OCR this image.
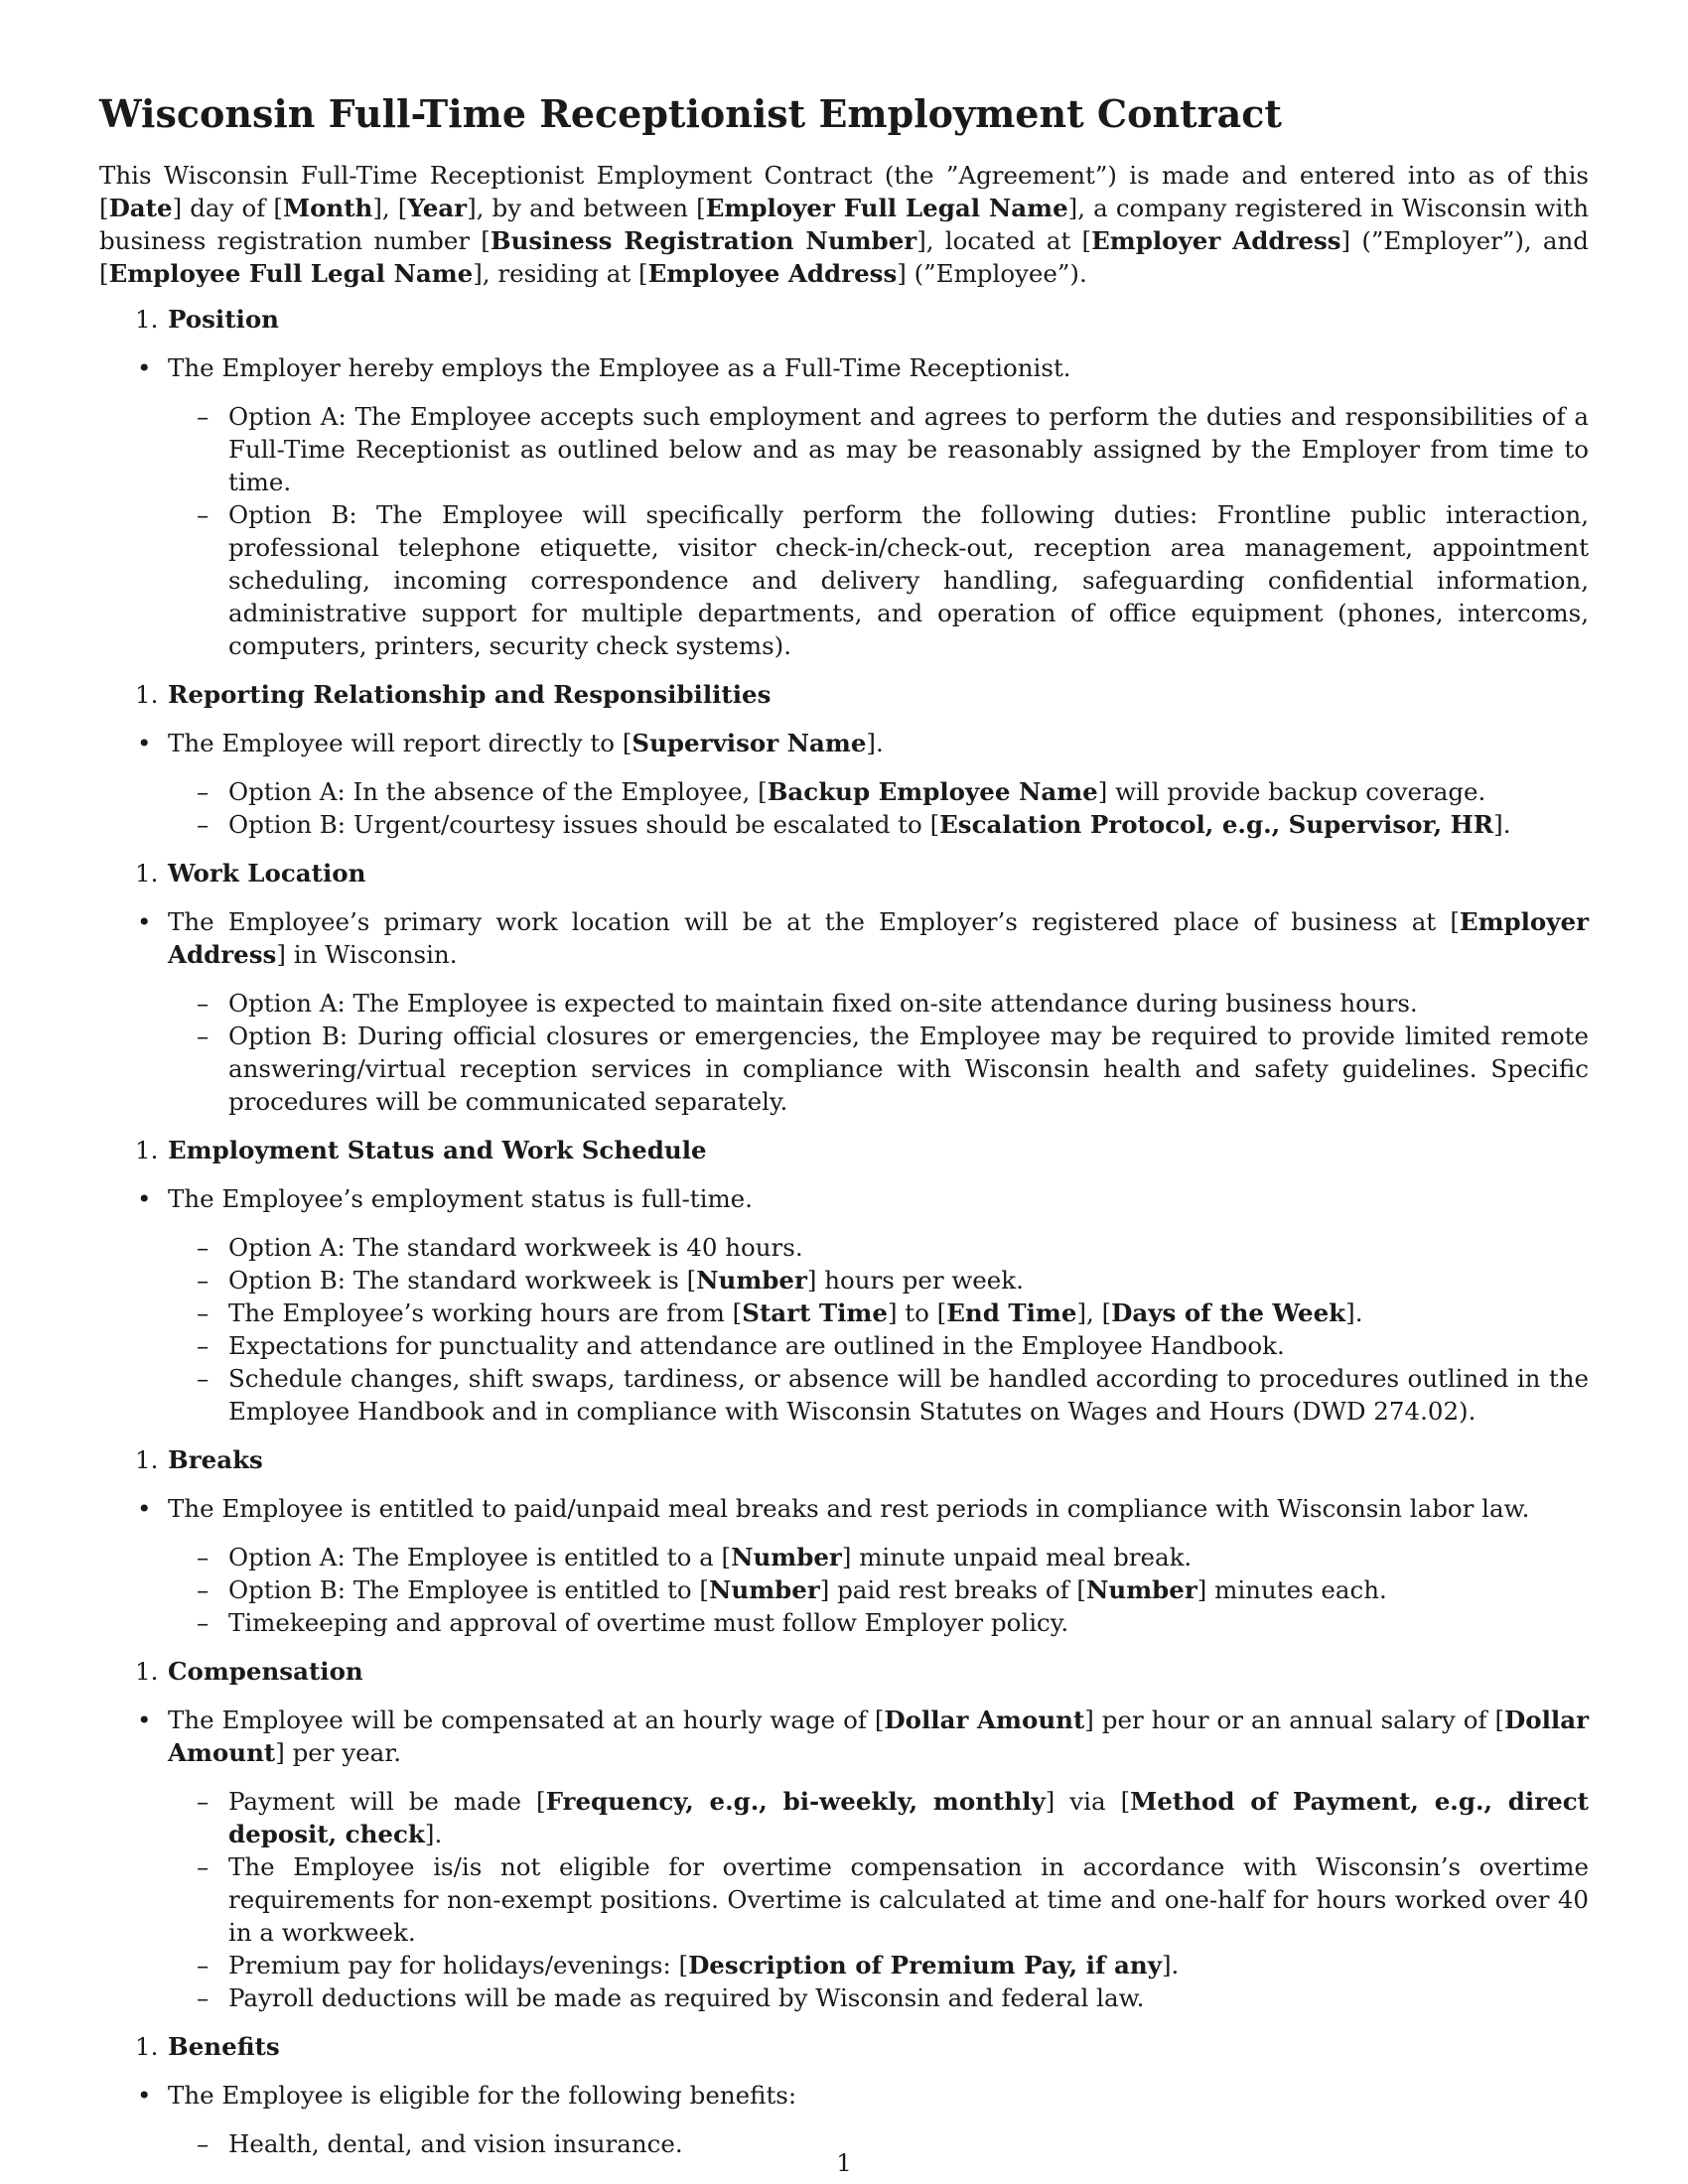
Wisconsin Full-Time Receptionist Employment Contract

This Wisconsin Full-Time Receptionist Employment Contract (the ”Agreement”) is made and entered into as of this [Date] day of [Month], [Year], by and between [Employer Full Legal Name], a company registered in Wisconsin with business registration number [Business Registration Number], located at [Employer Address] (”Employer”), and [Employee Full Legal Name], residing at [Employee Address] (”Employee”).

1. Position
• The Employer hereby employs the Employee as a Full-Time Receptionist.
– Option A: The Employee accepts such employment and agrees to perform the duties and responsibilities of a Full-Time Receptionist as outlined below and as may be reasonably assigned by the Employer from time to time.
– Option B: The Employee will specifically perform the following duties: Frontline public interaction, professional telephone etiquette, visitor check-in/check-out, reception area management, appointment scheduling, incoming correspondence and delivery handling, safeguarding confidential information, administrative support for multiple departments, and operation of office equipment (phones, intercoms, computers, printers, security check systems).
1. Reporting Relationship and Responsibilities
• The Employee will report directly to [Supervisor Name].
– Option A: In the absence of the Employee, [Backup Employee Name] will provide backup coverage.
– Option B: Urgent/courtesy issues should be escalated to [Escalation Protocol, e.g., Supervisor, HR].
1. Work Location
• The Employee’s primary work location will be at the Employer’s registered place of business at [Employer Address] in Wisconsin.
– Option A: The Employee is expected to maintain fixed on-site attendance during business hours.
– Option B: During official closures or emergencies, the Employee may be required to provide limited remote answering/virtual reception services in compliance with Wisconsin health and safety guidelines. Specific procedures will be communicated separately.
1. Employment Status and Work Schedule
• The Employee’s employment status is full-time.
– Option A: The standard workweek is 40 hours.
– Option B: The standard workweek is [Number] hours per week.
– The Employee’s working hours are from [Start Time] to [End Time], [Days of the Week].
– Expectations for punctuality and attendance are outlined in the Employee Handbook.
– Schedule changes, shift swaps, tardiness, or absence will be handled according to procedures outlined in the Employee Handbook and in compliance with Wisconsin Statutes on Wages and Hours (DWD 274.02).
1. Breaks
• The Employee is entitled to paid/unpaid meal breaks and rest periods in compliance with Wisconsin labor law.
– Option A: The Employee is entitled to a [Number] minute unpaid meal break.
– Option B: The Employee is entitled to [Number] paid rest breaks of [Number] minutes each.
– Timekeeping and approval of overtime must follow Employer policy.
1. Compensation
• The Employee will be compensated at an hourly wage of [Dollar Amount] per hour or an annual salary of [Dollar Amount] per year.
– Payment will be made [Frequency, e.g., bi-weekly, monthly] via [Method of Payment, e.g., direct deposit, check].
– The Employee is/is not eligible for overtime compensation in accordance with Wisconsin’s overtime requirements for non-exempt positions. Overtime is calculated at time and one-half for hours worked over 40 in a workweek.
– Premium pay for holidays/evenings: [Description of Premium Pay, if any].
– Payroll deductions will be made as required by Wisconsin and federal law.
1. Benefits
• The Employee is eligible for the following benefits:
– Health, dental, and vision insurance.
1
